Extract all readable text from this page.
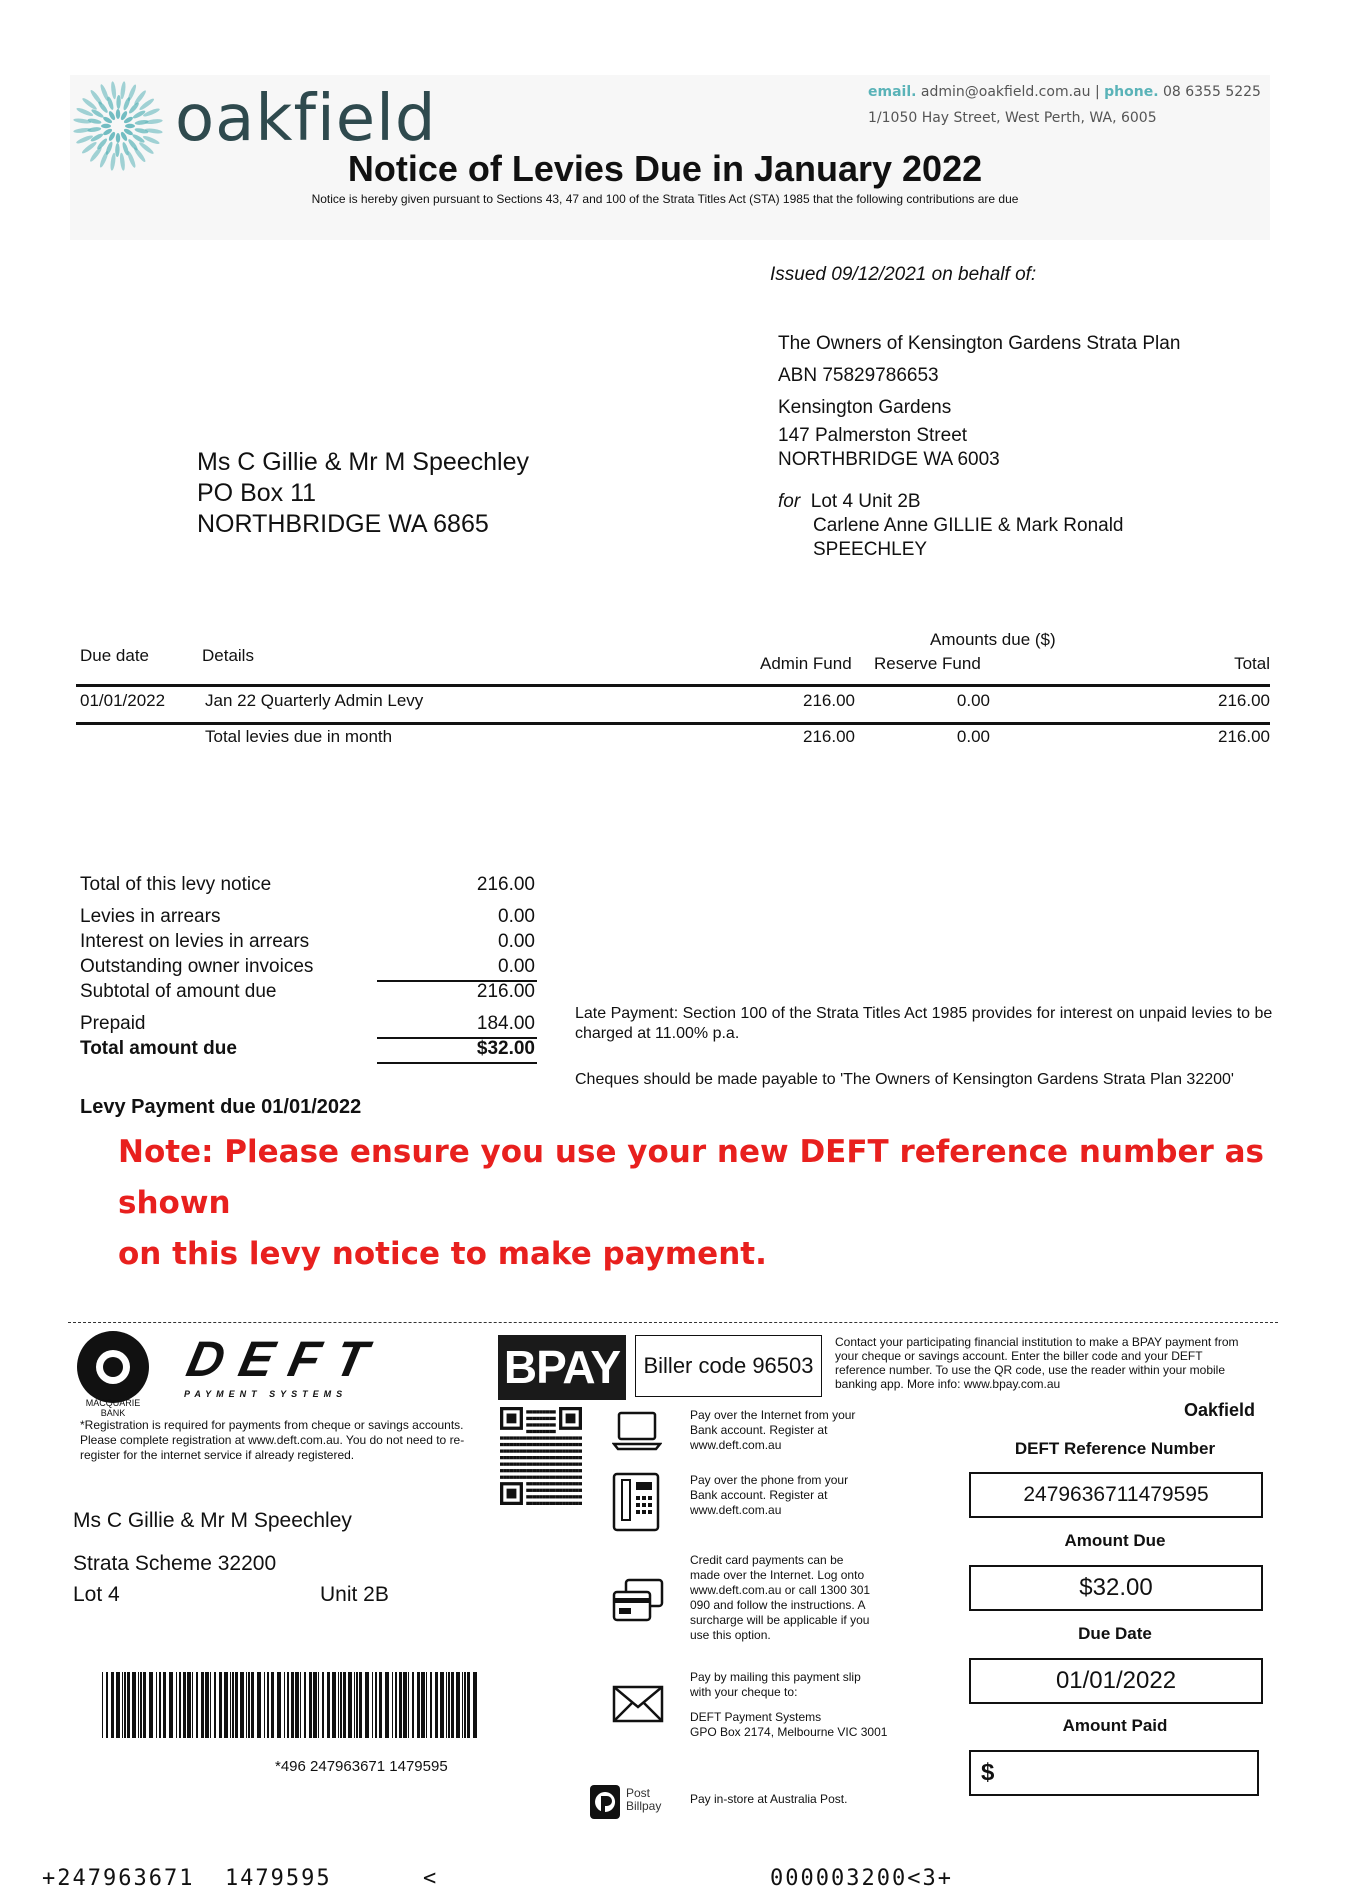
oakfield	email. admin@oakfield.com.au | phone. 08 6355 5225
1/1050 Hay Street, West Perth, WA, 6005
Notice of Levies Due in January 2022
Notice is hereby given pursuant to Sections 43, 47 and 100 of the Strata Titles Act (STA) 1985 that the following contributions are due
Issued 09/12/2021 on behalf of:

The Owners of Kensington Gardens Strata Plan

ABN 75829786653

Kensington Gardens

147 Palmerston Street

NORTHBRIDGE WA 6003

for Lot 4 Unit 2B
Carlene Anne GILLIE & Mark Ronald
SPEECHLEY

Ms C Gillie & Mr M Speechley

PO Box 11

NORTHBRIDGE WA 6865

Amounts due ($)
Due date	Details	Admin Fund Reserve Fund	Total
01/01/2022 Jan 22 Quarterly Admin Levy	216.00	0.00	216.00
Total levies due in month	216.00	0.00	216.00
Total of this levy notice	216.00
Levies in arrears	0.00
Interest on levies in arrears	0.00
Outstanding owner invoices	0.00
Subtotal of amount due	216.00
Prepaid	184.00
Total amount due	$32.00
Levy Payment due 01/01/2022
Late Payment: Section 100 of the Strata Titles Act 1985 provides for interest on unpaid levies to be charged at 11.00% p.a.
Cheques should be made payable to 'The Owners of Kensington Gardens Strata Plan 32200'
Note: Please ensure you use your new DEFT reference number as shown
on this levy notice to make payment.
MACQUARIE
BANK
DEFT
PAYMENT SYSTEMS
*Registration is required for payments from cheque or savings accounts. Please complete registration at www.deft.com.au. You do not need to re-register for the internet service if already registered.
Ms C Gillie & Mr M Speechley
Strata Scheme 32200
Lot 4	Unit 2B
*496 247963671 1479595
BPAY	Biller code 96503
Contact your participating financial institution to make a BPAY payment from your cheque or savings account. Enter the biller code and your DEFT reference number. To use the QR code, use the reader within your mobile banking app. More info: www.bpay.com.au
Pay over the Internet from your Bank account. Register at www.deft.com.au
Pay over the phone from your Bank account. Register at www.deft.com.au
Credit card payments can be made over the Internet. Log onto www.deft.com.au or call 1300 301 090 and follow the instructions. A surcharge will be applicable if you use this option.
Pay by mailing this payment slip with your cheque to:
DEFT Payment Systems
GPO Box 2174, Melbourne VIC 3001
Post
Billpay Pay in-store at Australia Post.
Oakfield
DEFT Reference Number
2479636711479595
Amount Due
$32.00
Due Date
01/01/2022
Amount Paid
$
+247963671  1479595	<	000003200<3+
